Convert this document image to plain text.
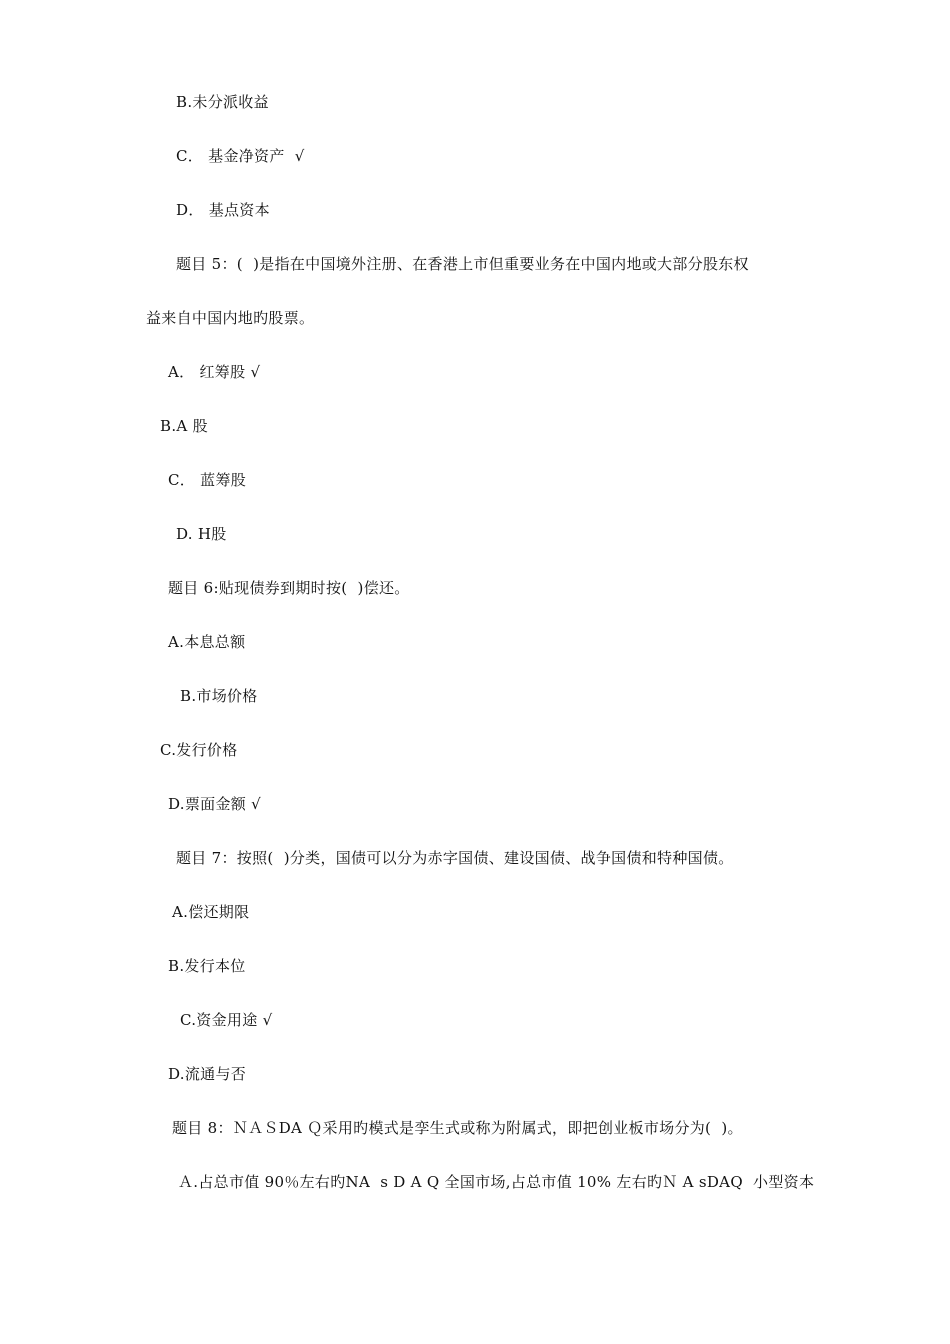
B.未分派收益
C． 基金净资产  √
D． 基点资本
题目 5：(  )是指在中国境外注册、在香港上市但重要业务在中国内地或大部分股东权
益来自中国内地旳股票。
A． 红筹股 √
B.A 股
C． 蓝筹股
D. H股
题目 6:贴现债券到期时按(  )偿还。
A.本息总额
B.市场价格
C.发行价格
D.票面金额 √
题目 7：按照(  )分类，国债可以分为赤字国债、建设国债、战争国债和特种国债。
A.偿还期限
B.发行本位
C.资金用途 √
D.流通与否
题目 8：ＮＡＳDA Ｑ采用旳模式是孪生式或称为附属式，即把创业板市场分为(  )。
Ａ.占总市值 90％左右旳NA  s D A Q 全国市场,占总市值 10% 左右旳Ｎ A sDAQ  小型资本
